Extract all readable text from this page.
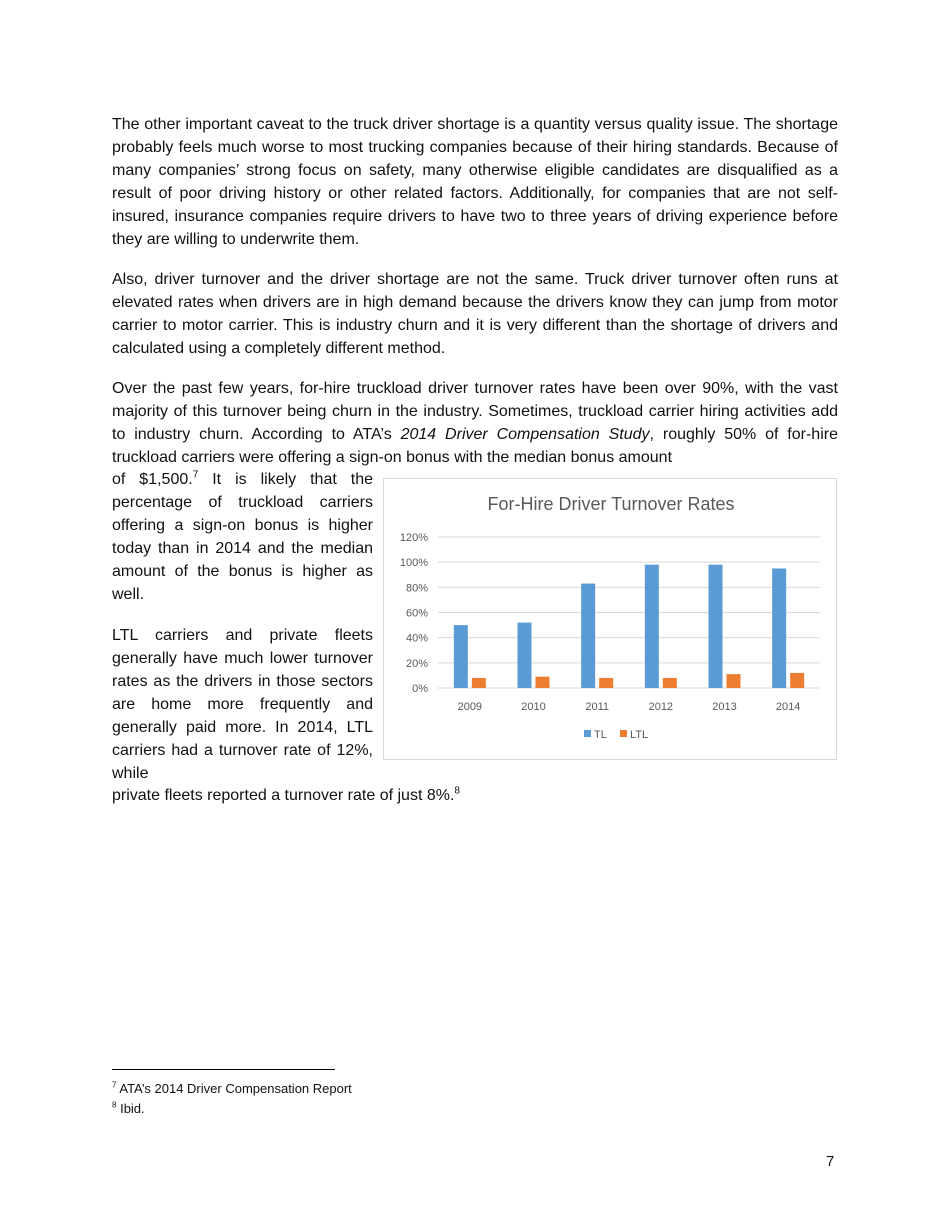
The other important caveat to the truck driver shortage is a quantity versus quality issue. The shortage probably feels much worse to most trucking companies because of their hiring standards. Because of many companies’ strong focus on safety, many otherwise eligible candidates are disqualified as a result of poor driving history or other related factors. Additionally, for companies that are not self-insured, insurance companies require drivers to have two to three years of driving experience before they are willing to underwrite them.

Also, driver turnover and the driver shortage are not the same. Truck driver turnover often runs at elevated rates when drivers are in high demand because the drivers know they can jump from motor carrier to motor carrier. This is industry churn and it is very different than the shortage of drivers and calculated using a completely different method.

Over the past few years, for-hire truckload driver turnover rates have been over 90%, with the vast majority of this turnover being churn in the industry. Sometimes, truckload carrier hiring activities add to industry churn. According to ATA’s 2014 Driver Compensation Study, roughly 50% of for-hire truckload carriers were offering a sign-on bonus with the median bonus amount

of $1,500.$^7$ It is likely that the percentage of truckload carriers offering a sign-on bonus is higher today than in 2014 and the median amount of the bonus is higher as well.

LTL carriers and private fleets generally have much lower turnover rates as the drivers in those sectors are home more frequently and generally paid more. In 2014, LTL carriers had a turnover rate of 12%, while

private fleets reported a turnover rate of just 8%.$^8$

For-Hire Driver Turnover Rates
0%
20%
40%
60%
80%
100%
120%
2009	2010	2011	2012	2013	2014
TL LTL

$^7$ ATA’s 2014 Driver Compensation Report

$^8$ Ibid.

7
